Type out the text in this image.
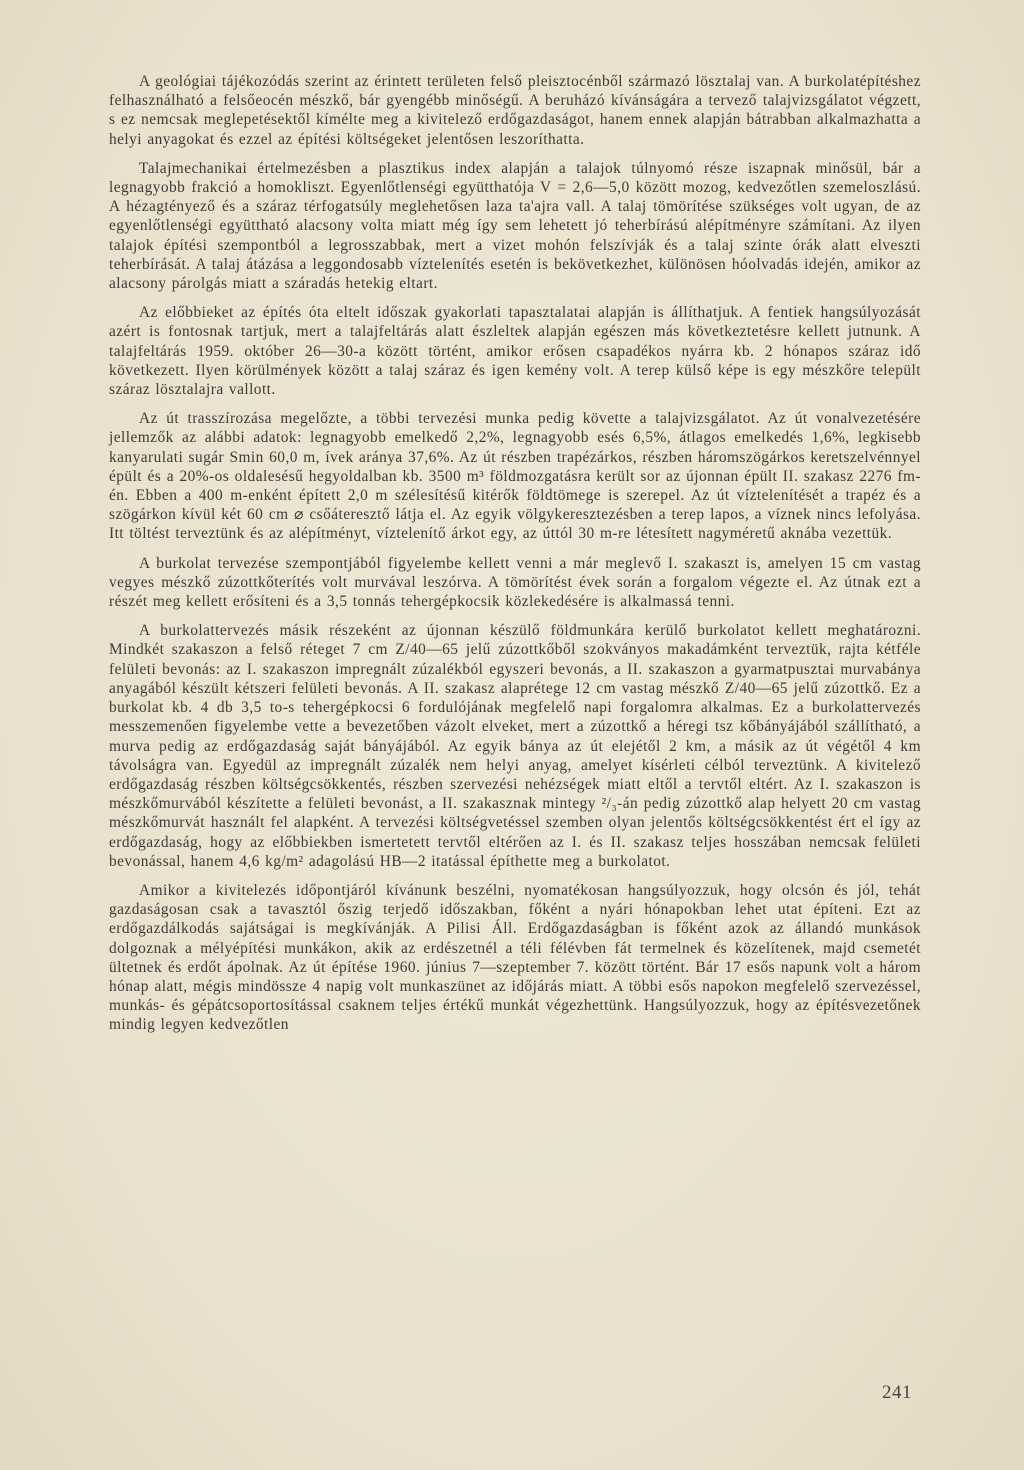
A geológiai tájékozódás szerint az érintett területen felső pleisztocénből származó lösztalaj van. A burkolatépítéshez felhasználható a felsőeocén mészkő, bár gyengébb minőségű. A beruházó kívánságára a tervező talajvizsgálatot végzett, s ez nemcsak meglepetésektől kímélte meg a kivitelező erdőgazdaságot, hanem ennek alapján bátrabban alkalmazhatta a helyi anyagokat és ezzel az építési költségeket jelentősen leszoríthatta.

Talajmechanikai értelmezésben a plasztikus index alapján a talajok túlnyomó része iszapnak minősül, bár a legnagyobb frakció a homokliszt. Egyenlőtlenségi együtthatója V = 2,6—5,0 között mozog, kedvezőtlen szemeloszlású. A hézagtényező és a száraz térfogatsúly meglehetősen laza ta'ajra vall. A talaj tömörítése szükséges volt ugyan, de az egyenlőtlenségi együttható alacsony volta miatt még így sem lehetett jó teherbírású alépítményre számítani. Az ilyen talajok építési szempontból a legrosszabbak, mert a vizet mohón felszívják és a talaj szinte órák alatt elveszti teherbírását. A talaj átázása a leggondosabb víztelenítés esetén is bekövetkezhet, különösen hóolvadás idején, amikor az alacsony párolgás miatt a száradás hetekig eltart.

Az előbbieket az építés óta eltelt időszak gyakorlati tapasztalatai alapján is állíthatjuk. A fentiek hangsúlyozását azért is fontosnak tartjuk, mert a talajfeltárás alatt észleltek alapján egészen más következtetésre kellett jutnunk. A talajfeltárás 1959. október 26—30-a között történt, amikor erősen csapadékos nyárra kb. 2 hónapos száraz idő következett. Ilyen körülmények között a talaj száraz és igen kemény volt. A terep külső képe is egy mészkőre települt száraz lösztalajra vallott.

Az út trasszírozása megelőzte, a többi tervezési munka pedig követte a talajvizsgálatot. Az út vonalvezetésére jellemzők az alábbi adatok: legnagyobb emelkedő 2,2%, legnagyobb esés 6,5%, átlagos emelkedés 1,6%, legkisebb kanyarulati sugár Smin 60,0 m, ívek aránya 37,6%. Az út részben trapézárkos, részben háromszögárkos keretszelvénnyel épült és a 20%-os oldalesésű hegyoldalban kb. 3500 m³ földmozgatásra került sor az újonnan épült II. szakasz 2276 fm-én. Ebben a 400 m-enként épített 2,0 m szélesítésű kitérők földtömege is szerepel. Az út víztelenítését a trapéz és a szögárkon kívül két 60 cm ⌀ csőáteresztő látja el. Az egyik völgykeresztezésben a terep lapos, a víznek nincs lefolyása. Itt töltést terveztünk és az alépítményt, víztelenítő árkot egy, az úttól 30 m-re létesített nagyméretű aknába vezettük.

A burkolat tervezése szempontjából figyelembe kellett venni a már meglevő I. szakaszt is, amelyen 15 cm vastag vegyes mészkő zúzottkőterítés volt murvával leszórva. A tömörítést évek során a forgalom végezte el. Az útnak ezt a részét meg kellett erősíteni és a 3,5 tonnás tehergépkocsik közlekedésére is alkalmassá tenni.

A burkolattervezés másik részeként az újonnan készülő földmunkára kerülő burkolatot kellett meghatározni. Mindkét szakaszon a felső réteget 7 cm Z/40—65 jelű zúzottkőből szokványos makadámként terveztük, rajta kétféle felületi bevonás: az I. szakaszon impregnált zúzalékból egyszeri bevonás, a II. szakaszon a gyarmatpusztai murvabánya anyagából készült kétszeri felületi bevonás. A II. szakasz alaprétege 12 cm vastag mészkő Z/40—65 jelű zúzottkő. Ez a burkolat kb. 4 db 3,5 to-s tehergépkocsi 6 fordulójának megfelelő napi forgalomra alkalmas. Ez a burkolattervezés messzemenően figyelembe vette a bevezetőben vázolt elveket, mert a zúzottkő a héregi tsz kőbányájából szállítható, a murva pedig az erdőgazdaság saját bányájából. Az egyik bánya az út elejétől 2 km, a másik az út végétől 4 km távolságra van. Egyedül az impregnált zúzalék nem helyi anyag, amelyet kísérleti célból terveztünk. A kivitelező erdőgazdaság részben költségcsökkentés, részben szervezési nehézségek miatt eltől a tervtől eltért. Az I. szakaszon is mészkőmurvából készítette a felületi bevonást, a II. szakasznak mintegy ²/₃-án pedig zúzottkő alap helyett 20 cm vastag mészkőmurvát használt fel alapként. A tervezési költségvetéssel szemben olyan jelentős költségcsökkentést ért el így az erdőgazdaság, hogy az előbbiekben ismertetett tervtől eltérően az I. és II. szakasz teljes hosszában nemcsak felületi bevonással, hanem 4,6 kg/m² adagolású HB—2 itatással építhette meg a burkolatot.

Amikor a kivitelezés időpontjáról kívánunk beszélni, nyomatékosan hangsúlyozzuk, hogy olcsón és jól, tehát gazdaságosan csak a tavasztól őszig terjedő időszakban, főként a nyári hónapokban lehet utat építeni. Ezt az erdőgazdálkodás sajátságai is megkívánják. A Pilisi Áll. Erdőgazdaságban is főként azok az állandó munkások dolgoznak a mélyépítési munkákon, akik az erdészetnél a téli félévben fát termelnek és közelítenek, majd csemetét ültetnek és erdőt ápolnak. Az út építése 1960. június 7—szeptember 7. között történt. Bár 17 esős napunk volt a három hónap alatt, mégis mindössze 4 napig volt munkaszünet az időjárás miatt. A többi esős napokon megfelelő szervezéssel, munkás- és gépátcsoportosítással csaknem teljes értékű munkát végezhettünk. Hangsúlyozzuk, hogy az építésvezetőnek mindig legyen kedvezőtlen

241
